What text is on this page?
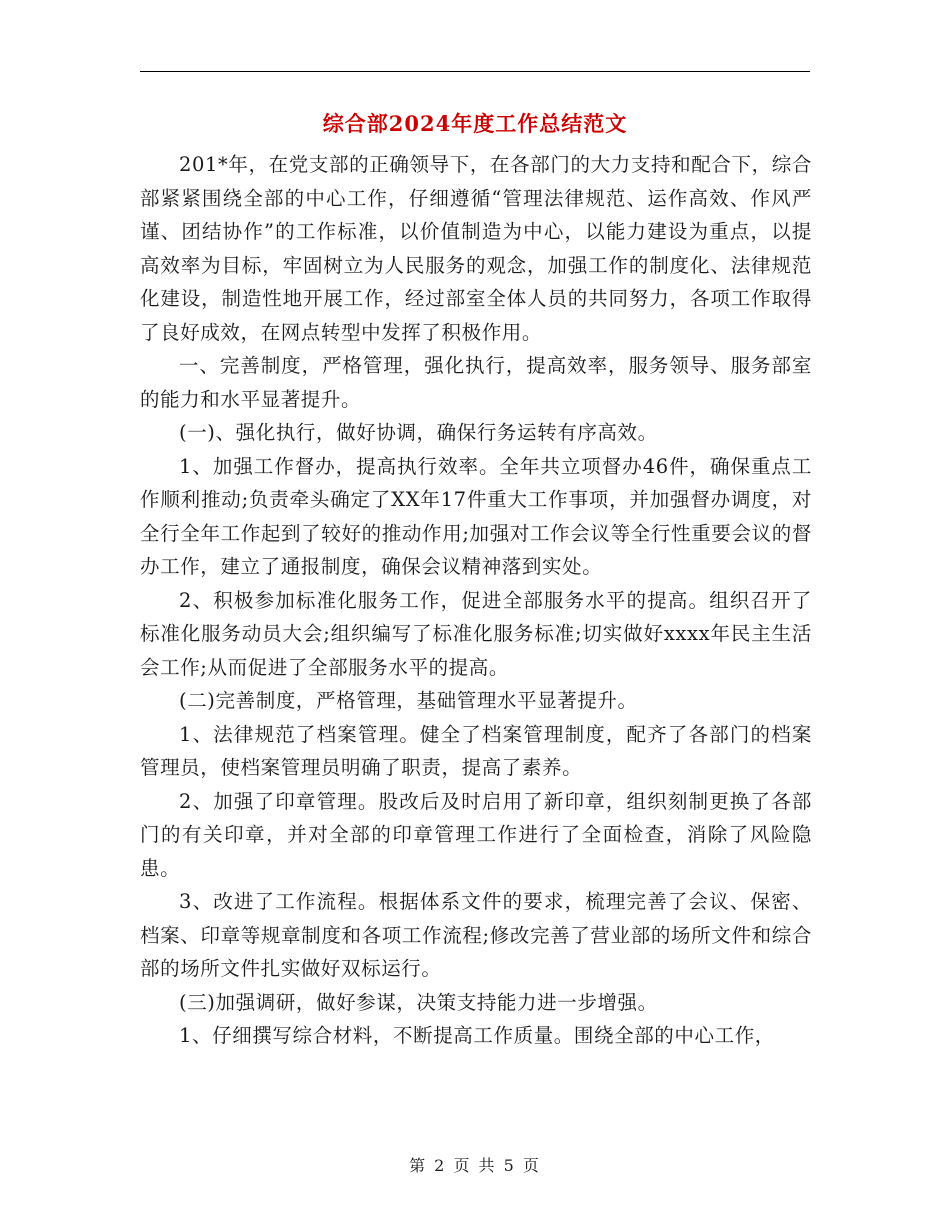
综合部2024年度工作总结范文

201*年，在党支部的正确领导下，在各部门的大力支持和配合下，综合部紧紧围绕全部的中心工作，仔细遵循“管理法律规范、运作高效、作风严谨、团结协作”的工作标准，以价值制造为中心，以能力建设为重点，以提高效率为目标，牢固树立为人民服务的观念，加强工作的制度化、法律规范化建设，制造性地开展工作，经过部室全体人员的共同努力，各项工作取得了良好成效，在网点转型中发挥了积极作用。

一、完善制度，严格管理，强化执行，提高效率，服务领导、服务部室的能力和水平显著提升。

(一)、强化执行，做好协调，确保行务运转有序高效。

1、加强工作督办，提高执行效率。全年共立项督办46件，确保重点工作顺利推动;负责牵头确定了XX年17件重大工作事项，并加强督办调度，对全行全年工作起到了较好的推动作用;加强对工作会议等全行性重要会议的督办工作，建立了通报制度，确保会议精神落到实处。

2、积极参加标准化服务工作，促进全部服务水平的提高。组织召开了标准化服务动员大会;组织编写了标准化服务标准;切实做好xxxx年民主生活会工作;从而促进了全部服务水平的提高。

(二)完善制度，严格管理，基础管理水平显著提升。

1、法律规范了档案管理。健全了档案管理制度，配齐了各部门的档案管理员，使档案管理员明确了职责，提高了素养。

2、加强了印章管理。股改后及时启用了新印章，组织刻制更换了各部门的有关印章，并对全部的印章管理工作进行了全面检查，消除了风险隐患。

3、改进了工作流程。根据体系文件的要求，梳理完善了会议、保密、档案、印章等规章制度和各项工作流程;修改完善了营业部的场所文件和综合部的场所文件扎实做好双标运行。

(三)加强调研，做好参谋，决策支持能力进一步增强。

1、仔细撰写综合材料，不断提高工作质量。围绕全部的中心工作，

第 2 页 共 5 页
